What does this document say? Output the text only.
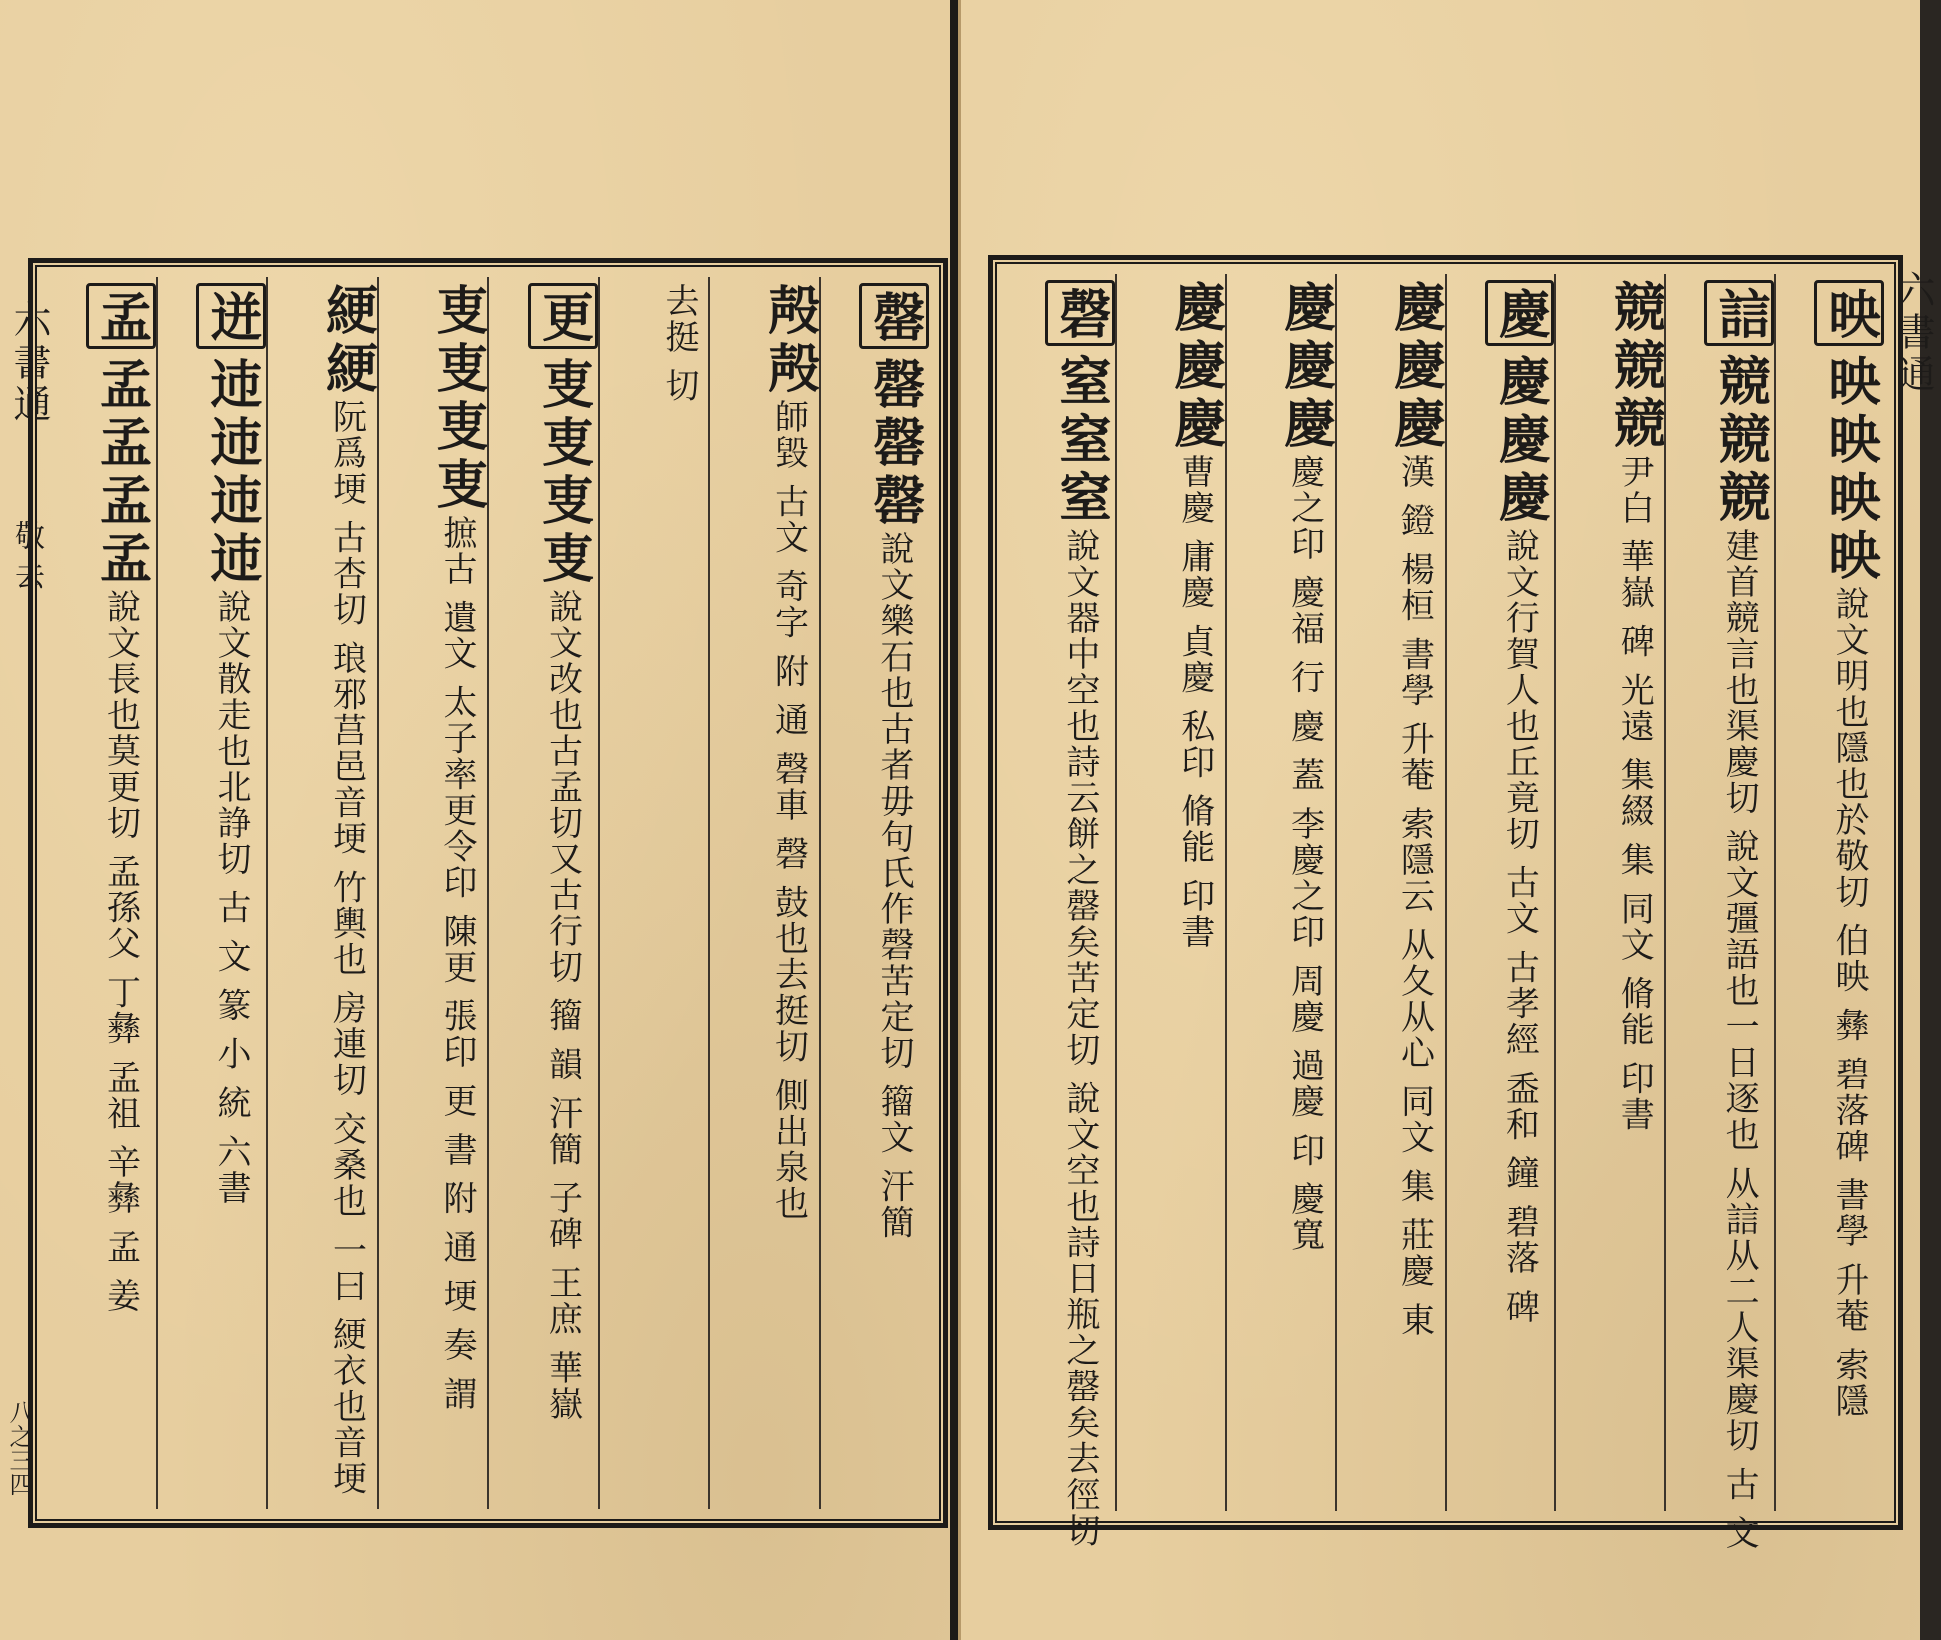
六書通
敬 去
八之三四
罄罄罄罄說文樂石也古者毋句氏作磬苦定切 籀文 汗簡
殸殸師毀 古文 奇字 附 通 磬車 磬 鼓也去挺切 側出泉也
去挺 切
更叓叓叓叓說文改也古孟切又古行切 籀 韻 汗簡 子碑 王庶 華嶽
叓叓叓叓摭古 遺文 太子率更令印 陳更 張印 更 書 附 通 埂 奏 謂
綆綆阮爲埂 古杏切 琅邪莒邑音埂 竹輿也 房連切 交桑也 一曰 綆衣也音埂
迸䢌䢌䢌䢌說文散走也北諍切 古 文 篆 小 統 六書
孟孟孟孟孟說文長也莫更切 孟孫父 丁彝 孟祖 辛彝 孟 姜
六書通
映映映映映說文明也隱也於敬切 伯映 彝 碧落碑 書學 升菴 索隱
誩競競競建首競言也渠慶切 說文彊語也一日逐也 从誩从二人渠慶切 古 文
競競競尹白 華嶽 碑 光遠 集綴 集 同文 脩能 印書
慶慶慶慶說文行賀人也丘竟切 古文 古孝經 盉和 鐘 碧落 碑
慶慶慶漢 鐙 楊桓 書學 升菴 索隱云 从夂从心 同文 集 莊慶 東
慶慶慶慶之印 慶福 行 慶 蓋 李慶之印 周慶 過慶 印 慶寬
慶慶慶曹慶 庸慶 貞慶 私印 脩能 印書
磬窒窒窒說文器中空也詩云餅之罄矣苦定切 說文空也詩日瓶之罄矣去徑切
